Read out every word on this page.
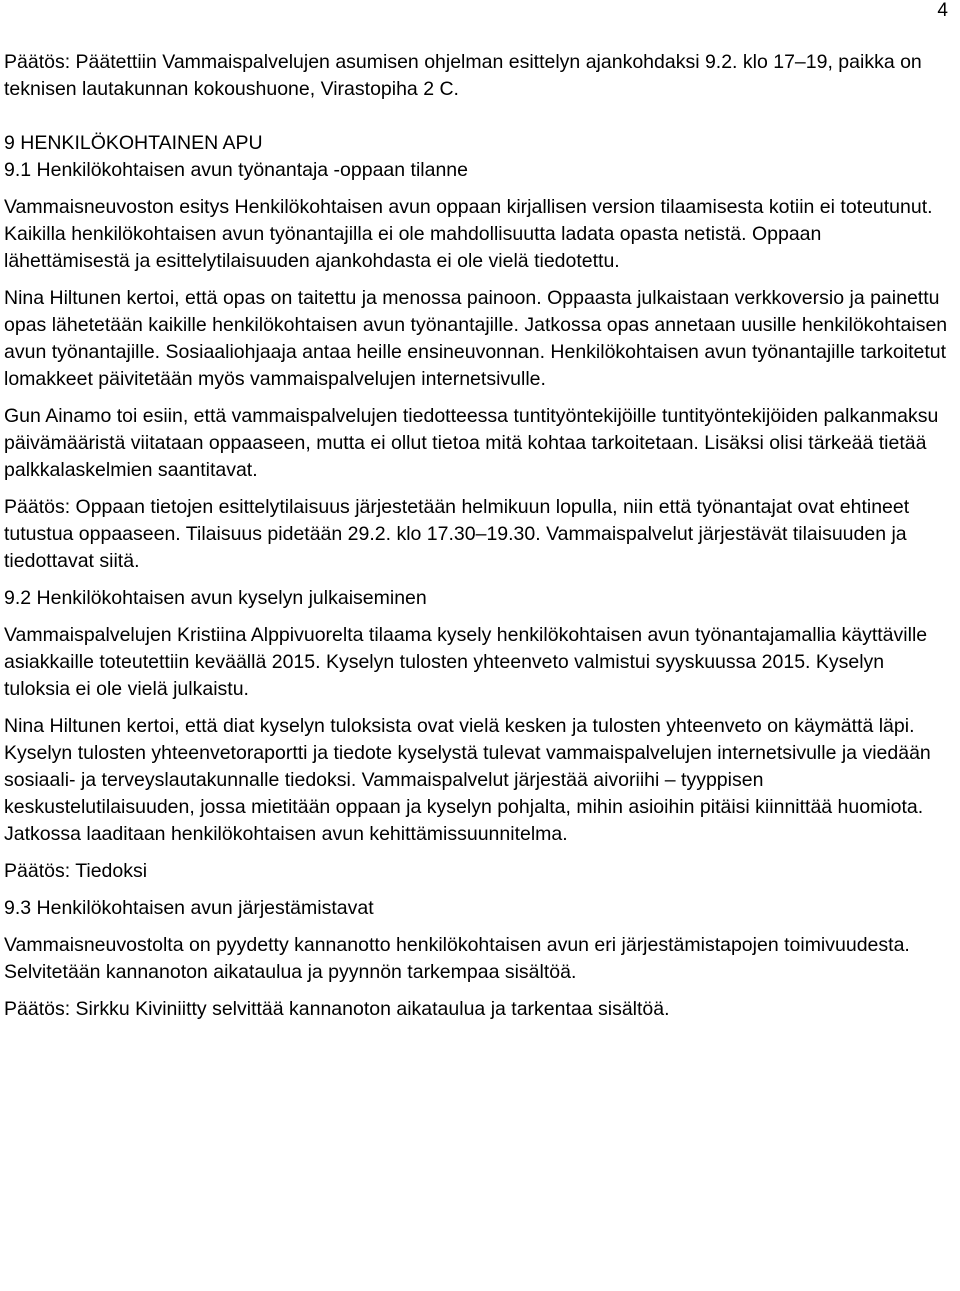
4

Päätös: Päätettiin Vammaispalvelujen asumisen ohjelman esittelyn ajankohdaksi 9.2. klo 17–19, paikka on teknisen lautakunnan kokoushuone, Virastopiha 2 C.

9 HENKILÖKOHTAINEN APU

9.1 Henkilökohtaisen avun työnantaja -oppaan tilanne

Vammaisneuvoston esitys Henkilökohtaisen avun oppaan kirjallisen version tilaamisesta kotiin ei toteutunut. Kaikilla henkilökohtaisen avun työnantajilla ei ole mahdollisuutta ladata opasta netistä. Oppaan lähettämisestä ja esittelytilaisuuden ajankohdasta ei ole vielä tiedotettu.

Nina Hiltunen kertoi, että opas on taitettu ja menossa painoon. Oppaasta julkaistaan verkkoversio ja painettu opas lähetetään kaikille henkilökohtaisen avun työnantajille. Jatkossa opas annetaan uusille henkilökohtaisen avun työnantajille. Sosiaaliohjaaja antaa heille ensineuvonnan. Henkilökohtaisen avun työnantajille tarkoitetut lomakkeet päivitetään myös vammaispalvelujen internetsivulle.

Gun Ainamo toi esiin, että vammaispalvelujen tiedotteessa tuntityöntekijöille tuntityöntekijöiden palkanmaksu päivämääristä viitataan oppaaseen, mutta ei ollut tietoa mitä kohtaa tarkoitetaan. Lisäksi olisi tärkeää tietää palkkalaskelmien saantitavat.

Päätös: Oppaan tietojen esittelytilaisuus järjestetään helmikuun lopulla, niin että työnantajat ovat ehtineet tutustua oppaaseen. Tilaisuus pidetään 29.2. klo 17.30–19.30. Vammaispalvelut järjestävät tilaisuuden ja tiedottavat siitä.

9.2 Henkilökohtaisen avun kyselyn julkaiseminen

Vammaispalvelujen Kristiina Alppivuorelta tilaama kysely henkilökohtaisen avun työnantajamallia käyttäville asiakkaille toteutettiin keväällä 2015. Kyselyn tulosten yhteenveto valmistui syyskuussa 2015. Kyselyn tuloksia ei ole vielä julkaistu.

Nina Hiltunen kertoi, että diat kyselyn tuloksista ovat vielä kesken ja tulosten yhteenveto on käymättä läpi. Kyselyn tulosten yhteenvetoraportti ja tiedote kyselystä tulevat vammaispalvelujen internetsivulle ja viedään sosiaali- ja terveyslautakunnalle tiedoksi. Vammaispalvelut järjestää aivoriihi – tyyppisen keskustelutilaisuuden, jossa mietitään oppaan ja kyselyn pohjalta, mihin asioihin pitäisi kiinnittää huomiota. Jatkossa laaditaan henkilökohtaisen avun kehittämissuunnitelma.

Päätös: Tiedoksi

9.3 Henkilökohtaisen avun järjestämistavat

Vammaisneuvostolta on pyydetty kannanotto henkilökohtaisen avun eri järjestämistapojen toimivuudesta. Selvitetään kannanoton aikataulua ja pyynnön tarkempaa sisältöä.

Päätös: Sirkku Kiviniitty selvittää kannanoton aikataulua ja tarkentaa sisältöä.
